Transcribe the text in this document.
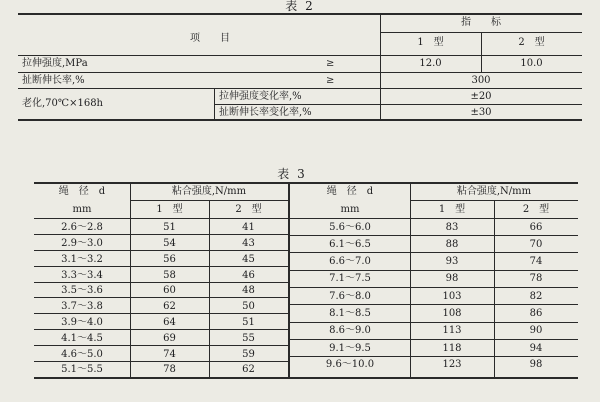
表 2
项　　目
指　　标
1　型	2　型
拉伸强度,MPa	≥	12.0	10.0
扯断伸长率,%	≥	300
老化,70℃×168h
拉伸强度变化率,%	±20
扯断伸长率变化率,%	±30
表 3
绳　径　d
mm
粘合强度,N/mm
1　型	2　型
绳　径　d
mm
粘合强度,N/mm
1　型	2　型
2.6～2.8	51	41
2.9～3.0	54	43
3.1～3.2	56	45
3.3～3.4	58	46
3.5～3.6	60	48
3.7～3.8	62	50
3.9～4.0	64	51
4.1～4.5	69	55
4.6～5.0	74	59
5.1～5.5	78	62
5.6～6.0	83	66
6.1～6.5	88	70
6.6～7.0	93	74
7.1～7.5	98	78
7.6～8.0	103	82
8.1～8.5	108	86
8.6～9.0	113	90
9.1～9.5	118	94
9.6～10.0	123	98
